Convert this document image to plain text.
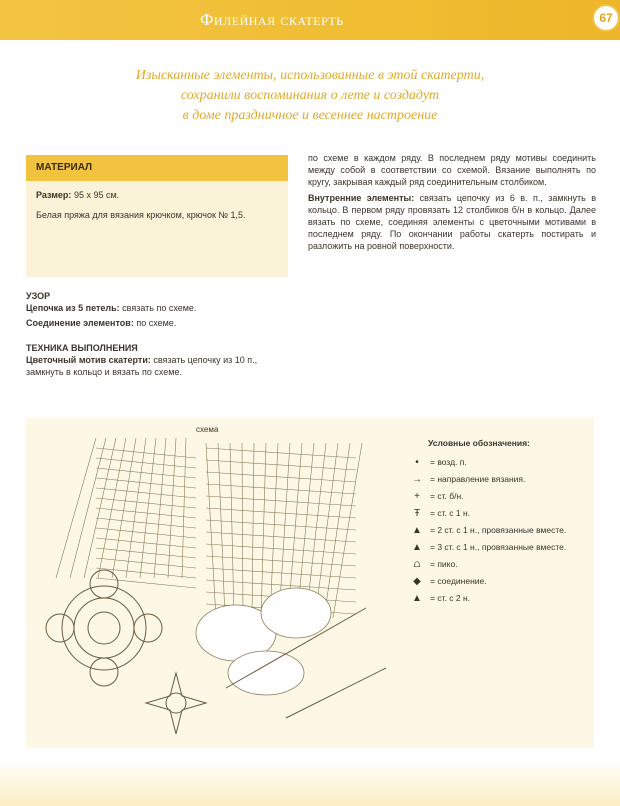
Филейная скатерть	67

Изысканные элементы, использованные в этой скатерти,

сохранили воспоминания о лете и создадут

в доме праздничное и весеннее настроение

МАТЕРИАЛ

Размер: 95 х 95 см.

Белая пряжа для вязания крючком, крючок № 1,5.

УЗОР

Цепочка из 5 петель: связать по схеме.

Соединение элементов: по схеме.

ТЕХНИКА ВЫПОЛНЕНИЯ

Цветочный мотив скатерти: связать цепочку из 10 п., замкнуть в кольцо и вязать по схеме.

по схеме в каждом ряду. В последнем ряду мотивы соединить между собой в соответствии со схемой. Вязание выполнять по кругу, закрывая каждый ряд соединительным столбиком.

Внутренние элементы: связать цепочку из 6 в. п., замкнуть в кольцо. В первом ряду провязать 12 столбиков б/н в кольцо. Далее вязать по схеме, соединяя элементы с цветочными мотивами в последнем ряду. По окончании работы скатерть постирать и разложить на ровной поверхности.

схема

Условные обозначения:

•	= возд. п.
→ = направление вязания.
+	= ст. б/н.
Ŧ	= ст. с 1 н.
▲ = 2 ст. с 1 н., провязанные вместе.
▲ = 3 ст. с 1 н., провязанные вместе.
⩍	= пико.
◆	= соединение.
▲ = ст. с 2 н.
